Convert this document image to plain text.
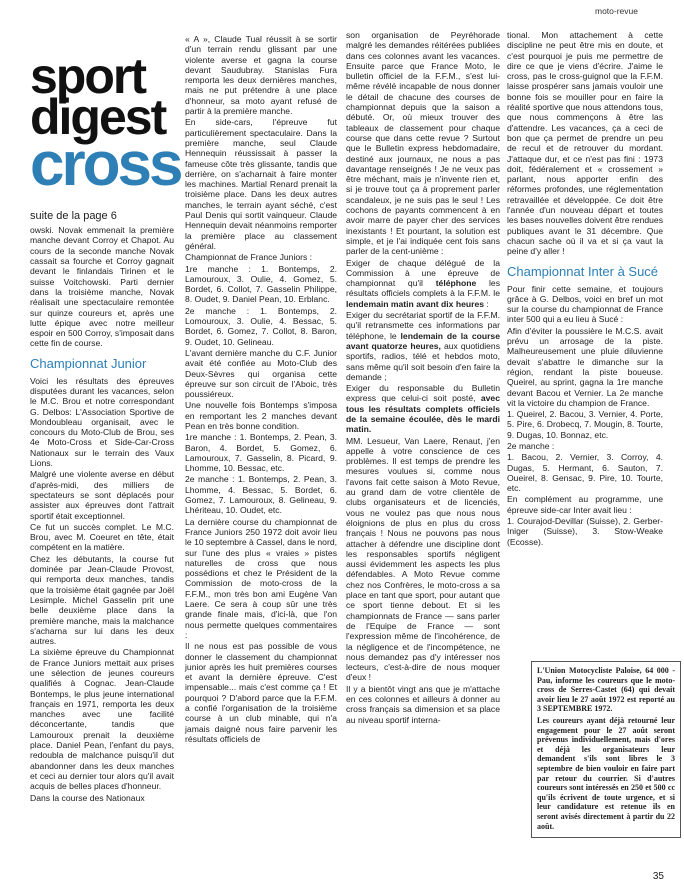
moto-revue
sport
digest
cross
suite de la page 6

owski. Novak emmenait la première manche devant Corroy et Chapot. Au cours de la seconde manche Novak cassait sa fourche et Corroy gagnait devant le finlandais Tirinen et le suisse Voitchowski. Parti dernier dans la troisième manche, Novak réalisait une spectaculaire remontée sur quinze coureurs et, après une lutte épique avec notre meilleur espoir en 500 Corroy, s'imposait dans cette fin de course.

Championnat Junior

Voici les résultats des épreuves disputées durant les vacances, selon le M.C. Brou et notre correspondant G. Delbos: L'Association Sportive de Mondoubleau organisait, avec le concours du Moto-Club de Brou, ses 4e Moto-Cross et Side-Car-Cross Nationaux sur le terrain des Vaux Lions.

Malgré une violente averse en début d'après-midi, des milliers de spectateurs se sont déplacés pour assister aux épreuves dont l'attrait sportif était exceptionnel.

Ce fut un succès complet. Le M.C. Brou, avec M. Coeuret en tête, était compétent en la matière.

Chez les débutants, la course fut dominée par Jean-Claude Provost, qui remporta deux manches, tandis que la troisième était gagnée par Joël Lesimple. Michel Gasselin prit une belle deuxième place dans la première manche, mais la malchance s'acharna sur lui dans les deux autres.

La sixième épreuve du Championnat de France Juniors mettait aux prises une sélection de jeunes coureurs qualifiés à Cognac. Jean-Claude Bontemps, le plus jeune international français en 1971, remporta les deux manches avec une facilité déconcertante, tandis que Lamouroux prenait la deuxième place. Daniel Pean, l'enfant du pays, redoubla de malchance puisqu'il dut abandonner dans les deux manches et ceci au dernier tour alors qu'il avait acquis de belles places d'honneur.

Dans la course des Nationaux

« A », Claude Tual réussit à se sortir d'un terrain rendu glissant par une violente averse et gagna la course devant Saudubray. Stanislas Fura remporta les deux dernières manches, mais ne put prétendre à une place d'honneur, sa moto ayant refusé de partir à la première manche.

En side-cars, l'épreuve fut particulièrement spectaculaire. Dans la première manche, seul Claude Hennequin réussissait à passer la fameuse côte très glissante, tandis que derrière, on s'acharnait à faire monter les machines. Martial Renard prenait la troisième place. Dans les deux autres manches, le terrain ayant séché, c'est Paul Denis qui sortit vainqueur. Claude Hennequin devait néanmoins remporter la première place au classement général.

Championnat de France Juniors :

1re manche : 1. Bontemps, 2. Lamouroux, 3. Oulie, 4. Gomez, 5. Bordet, 6. Collot, 7. Gasselin Philippe, 8. Oudet, 9. Daniel Pean, 10. Erblanc.

2e manche : 1. Bontemps, 2. Lomouroux, 3. Oulie, 4. Bessac, 5. Bordet, 6. Gomez, 7. Collot, 8. Baron, 9. Oudet, 10. Gelineau.

L'avant dernière manche du C.F. Junior avait été confiée au Moto-Club des Deux-Sèvres qui organisa cette épreuve sur son circuit de l'Aboic, très poussiéreux.

Une nouvelle fois Bontemps s'imposa en remportant les 2 manches devant Pean en très bonne condition.

1re manche : 1. Bontemps, 2. Pean, 3. Baron, 4. Bordet, 5. Gomez, 6. Lamouroux, 7. Gasselin, 8. Picard, 9. Lhomme, 10. Bessac, etc.

2e manche : 1. Bontemps, 2. Pean, 3. Lhomme, 4. Bessac, 5. Bordet, 6. Gomez, 7. Lamouroux, 8. Gelineau, 9. Lhériteau, 10. Oudet, etc.

La dernière course du championnat de France Juniors 250 1972 doit avoir lieu le 10 septembre à Cassel, dans le nord, sur l'une des plus « vraies » pistes naturelles de cross que nous possédions et chez le Président de la Commission de moto-cross de la F.F.M., mon très bon ami Eugène Van Laere. Ce sera à coup sûr une très grande finale mais, d'ici-là, que l'on nous permette quelques commentaires :

Il ne nous est pas possible de vous donner le classement du championnat junior après les huit premières courses et avant la dernière épreuve. C'est impensable... mais c'est comme ça ! Et pourquoi ? D'abord parce que la F.F.M. a confié l'organisation de la troisième course à un club minable, qui n'a jamais daigné nous faire parvenir les résultats officiels de

son organisation de Peyréhorade malgré les demandes réitérées publiées dans ces colonnes avant les vacances. Ensuite parce que France Moto, le bulletin officiel de la F.F.M., s'est lui-même révélé incapable de nous donner le détail de chacune des courses de championnat depuis que la saison a débuté. Or, où mieux trouver des tableaux de classement pour chaque course que dans cette revue ? Surtout que le Bulletin express hebdomadaire, destiné aux journaux, ne nous a pas davantage renseignés ! Je ne veux pas être méchant, mais je n'invente rien et, si je trouve tout ça à proprement parler scandaleux, je ne suis pas le seul ! Les cochons de payants commencent à en avoir marre de payer cher des services inexistants ! Et pourtant, la solution est simple, et je l'ai indiquée cent fois sans parler de la cent-unième :

Exiger de chaque délégué de la Commission à une épreuve de championnat qu'il téléphone les résultats officiels complets à la F.F.M. le lendemain matin avant dix heures :

Exiger du secrétariat sportif de la F.F.M. qu'il retransmette ces informations par téléphone, le lendemain de la course avant quatorze heures, aux quotidiens sportifs, radios, télé et hebdos moto, sans même qu'il soit besoin d'en faire la demande ;

Exiger du responsable du Bulletin express que celui-ci soit posté, avec tous les résultats complets officiels de la semaine écoulée, dès le mardi matin.

MM. Lesueur, Van Laere, Renaut, j'en appelle à votre conscience de ces problèmes. Il est temps de prendre les mesures voulues si, comme nous l'avons fait cette saison à Moto Revue, au grand dam de votre clientèle de clubs organisateurs et de licenciés, vous ne voulez pas que nous nous éloignions de plus en plus du cross français ! Nous ne pouvons pas nous attacher à défendre une discipline dont les responsables sportifs négligent aussi évidemment les aspects les plus défendables. A Moto Revue comme chez nos Confrères, le moto-cross a sa place en tant que sport, pour autant que ce sport tienne debout. Et si les championnats de France — sans parler de l'Equipe de France — sont l'expression même de l'incohérence, de la négligence et de l'incompétence, ne nous demandez pas d'y intéresser nos lecteurs, c'est-à-dire de nous moquer d'eux !

Il y a bientôt vingt ans que je m'attache en ces colonnes et ailleurs à donner au cross français sa dimension et sa place au niveau sportif interna-

tional. Mon attachement à cette discipline ne peut être mis en doute, et c'est pourquoi je puis me permettre de dire ce que je viens d'écrire. J'aime le cross, pas le cross-guignol que la F.F.M. laisse prospérer sans jamais vouloir une bonne fois se mouiller pour en faire la réalité sportive que nous attendons tous, que nous commençons à être las d'attendre. Les vacances, ça a ceci de bon que ça permet de prendre un peu de recul et de retrouver du mordant. J'attaque dur, et ce n'est pas fini : 1973 doit, fédéralement et « crossement » parlant, nous apporter enfin des réformes profondes, une réglementation retravaillée et développée. Ce doit être l'année d'un nouveau départ et toutes les bases nouvelles doivent être rendues publiques avant le 31 décembre. Que chacun sache où il va et si ça vaut la peine d'y aller !

Championnat Inter à Sucé

Pour finir cette semaine, et toujours grâce à G. Delbos, voici en bref un mot sur la course du championnat de France inter 500 qui a eu lieu à Sucé :

Afin d'éviter la poussière le M.C.S. avait prévu un arrosage de la piste. Malheureusement une pluie diluvienne devait s'abattre le dimanche sur la région, rendant la piste boueuse. Queirel, au sprint, gagna la 1re manche devant Bacou et Vernier. La 2e manche vit la victoire du champion de France.

1. Queirel, 2. Bacou, 3. Vernier, 4. Porte, 5. Pire, 6. Drobecq, 7. Mougin, 8. Tourte, 9. Dugas, 10. Bonnaz, etc.

2e manche :

1. Bacou, 2. Vernier, 3. Corroy, 4. Dugas, 5. Hermant, 6. Sauton, 7. Oueirel, 8. Gensac, 9. Pire, 10. Tourte, etc.

En complément au programme, une épreuve side-car Inter avait lieu :

1. Courajod-Devillar (Suisse), 2. Gerber-Iniger (Suisse), 3. Stow-Weake (Ecosse).

L'Union Motocycliste Paloise, 64 000 - Pau, informe les coureurs que le moto-cross de Serres-Castet (64) qui devait avoir lieu le 27 août 1972 est reporté au 3 SEPTEMBRE 1972.

Les coureurs ayant déjà retourné leur engagement pour le 27 août seront prévenus individuellement, mais d'ores et déjà les organisateurs leur demandent s'ils sont libres le 3 septembre de bien vouloir en faire part par retour du courrier. Si d'autres coureurs sont intéressés en 250 et 500 cc qu'ils écrivent de toute urgence, et si leur candidature est retenue ils en seront avisés directement à partir du 22 août.

35
